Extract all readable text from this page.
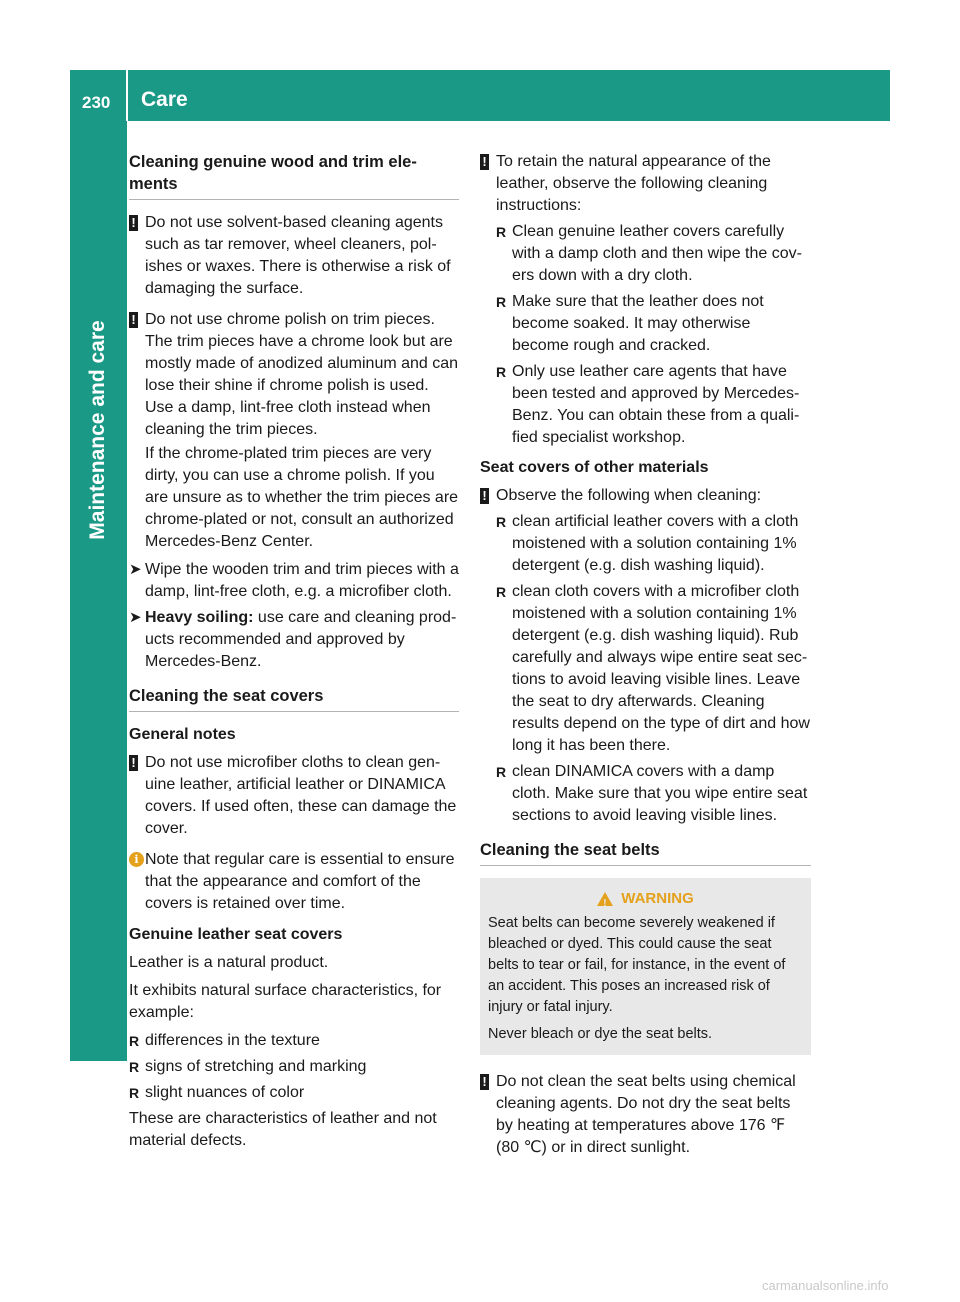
230 Care
Maintenance and care
Cleaning genuine wood and trim ele-ments
! Do not use solvent-based cleaning agents such as tar remover, wheel cleaners, pol-ishes or waxes. There is otherwise a risk of damaging the surface.
! Do not use chrome polish on trim pieces. The trim pieces have a chrome look but are mostly made of anodized aluminum and can lose their shine if chrome polish is used. Use a damp, lint-free cloth instead when cleaning the trim pieces.

If the chrome-plated trim pieces are very dirty, you can use a chrome polish. If you are unsure as to whether the trim pieces are chrome-plated or not, consult an authorized Mercedes-Benz Center.

➤ Wipe the wooden trim and trim pieces with a damp, lint-free cloth, e.g. a microfiber cloth.
➤ Heavy soiling: use care and cleaning prod-ucts recommended and approved by Mercedes-Benz.
Cleaning the seat covers
General notes
! Do not use microfiber cloths to clean gen-uine leather, artificial leather or DINAMICA covers. If used often, these can damage the cover.
i Note that regular care is essential to ensure that the appearance and comfort of the covers is retained over time.
Genuine leather seat covers

Leather is a natural product.

It exhibits natural surface characteristics, for example:

R differences in the texture
R signs of stretching and marking
R slight nuances of color

These are characteristics of leather and not material defects.

! To retain the natural appearance of the leather, observe the following cleaning instructions:
R Clean genuine leather covers carefully with a damp cloth and then wipe the cov-ers down with a dry cloth.
R Make sure that the leather does not become soaked. It may otherwise become rough and cracked.
R Only use leather care agents that have been tested and approved by Mercedes-Benz. You can obtain these from a quali-fied specialist workshop.
Seat covers of other materials
! Observe the following when cleaning:
R clean artificial leather covers with a cloth moistened with a solution containing 1% detergent (e.g. dish washing liquid).
R clean cloth covers with a microfiber cloth moistened with a solution containing 1% detergent (e.g. dish washing liquid). Rub carefully and always wipe entire seat sec-tions to avoid leaving visible lines. Leave the seat to dry afterwards. Cleaning results depend on the type of dirt and how long it has been there.
R clean DINAMICA covers with a damp cloth. Make sure that you wipe entire seat sections to avoid leaving visible lines.
Cleaning the seat belts
!
WARNING

Seat belts can become severely weakened if bleached or dyed. This could cause the seat belts to tear or fail, for instance, in the event of an accident. This poses an increased risk of injury or fatal injury.

Never bleach or dye the seat belts.

! Do not clean the seat belts using chemical cleaning agents. Do not dry the seat belts by heating at temperatures above 176 ℉ (80 ℃) or in direct sunlight.
carmanualsonline.info
